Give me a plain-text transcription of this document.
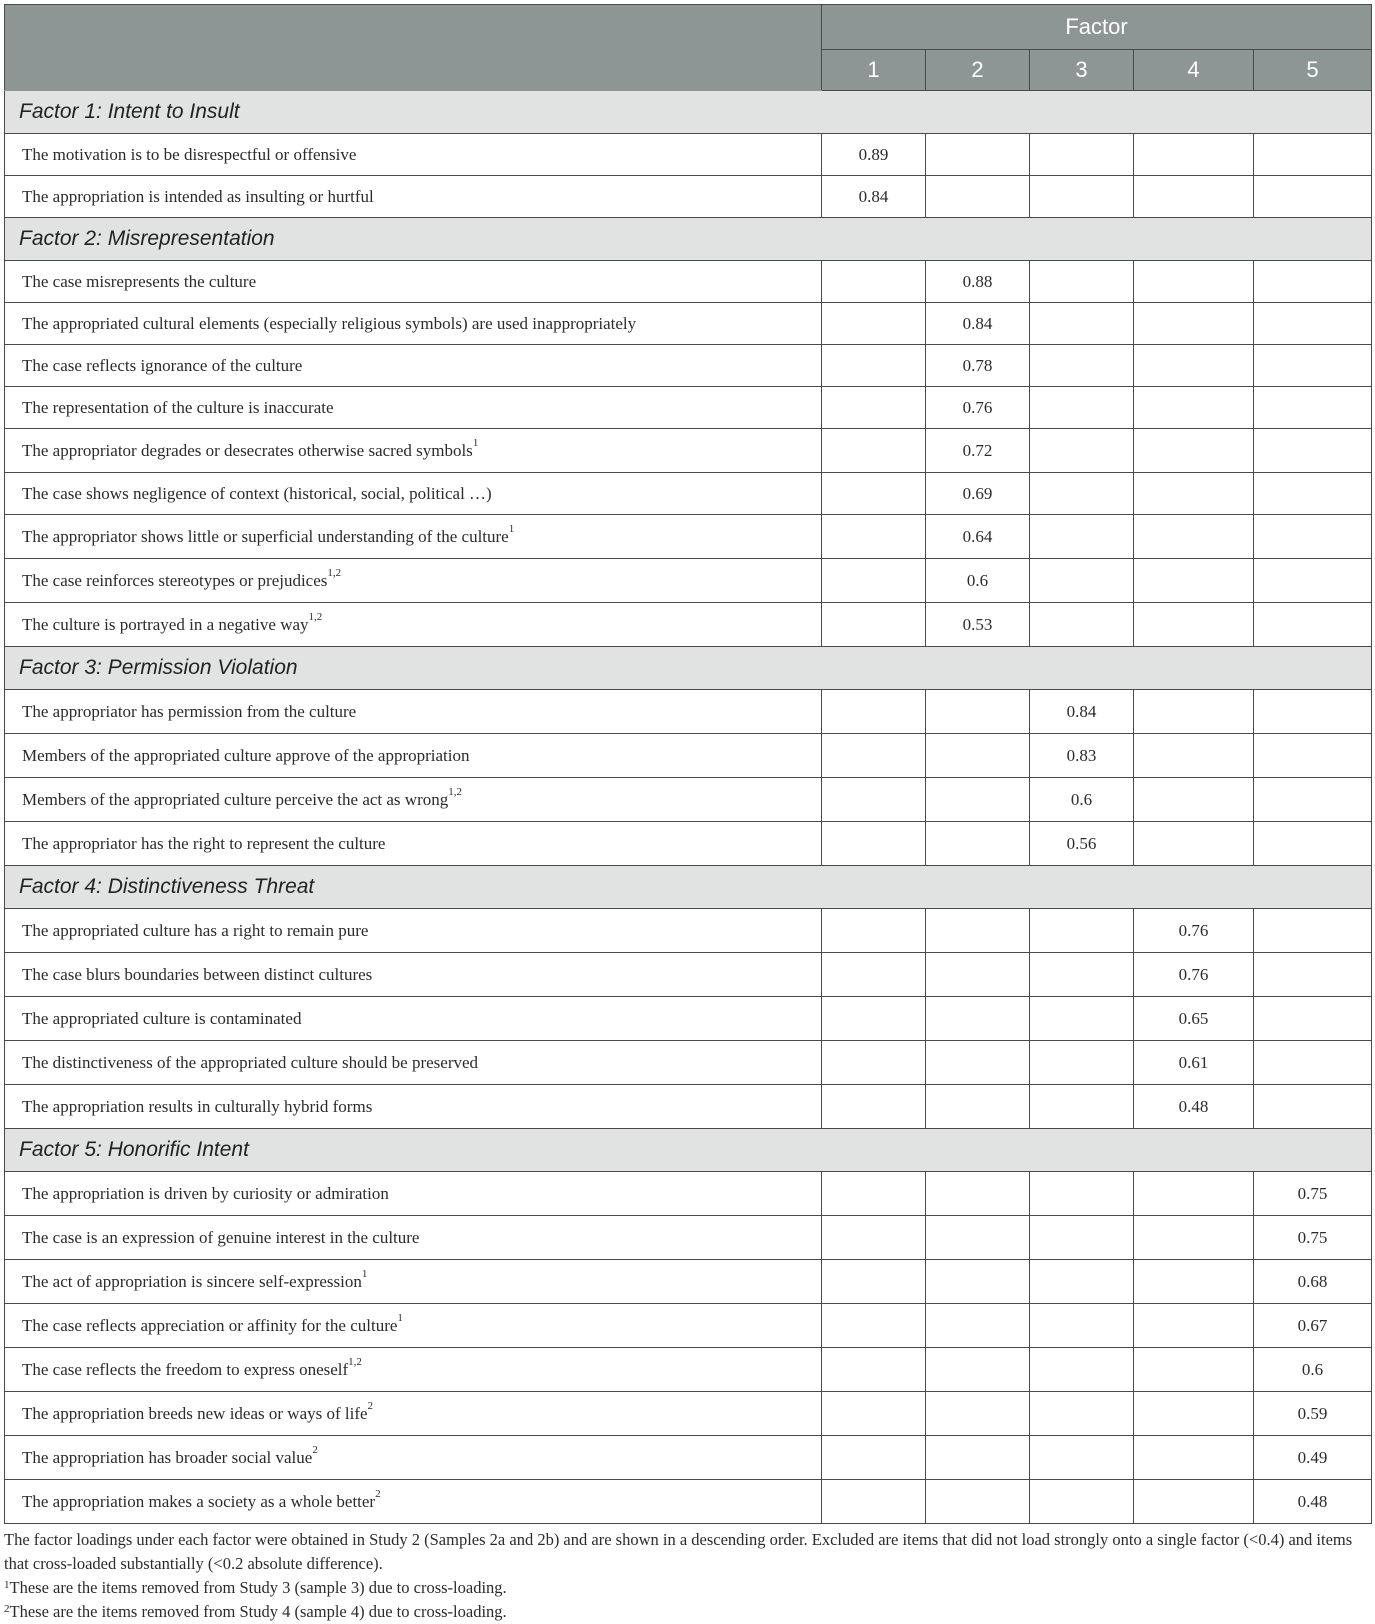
	Factor				
	1	2	3	4	5
Factor 1: Intent to Insult					
The motivation is to be disrespectful or offensive	0.89				
The appropriation is intended as insulting or hurtful	0.84				
Factor 2: Misrepresentation					
The case misrepresents the culture		0.88			
The appropriated cultural elements (especially religious symbols) are used inappropriately		0.84			
The case reflects ignorance of the culture		0.78			
The representation of the culture is inaccurate		0.76			
The appropriator degrades or desecrates otherwise sacred symbols$^1$		0.72			
The case shows negligence of context (historical, social, political …)		0.69			
The appropriator shows little or superficial understanding of the culture$^1$		0.64			
The case reinforces stereotypes or prejudices$^{1,2}$		0.6			
The culture is portrayed in a negative way$^{1,2}$		0.53			
Factor 3: Permission Violation					
The appropriator has permission from the culture			0.84		
Members of the appropriated culture approve of the appropriation			0.83		
Members of the appropriated culture perceive the act as wrong$^{1,2}$			0.6		
The appropriator has the right to represent the culture			0.56		
Factor 4: Distinctiveness Threat					
The appropriated culture has a right to remain pure				0.76	
The case blurs boundaries between distinct cultures				0.76	
The appropriated culture is contaminated				0.65	
The distinctiveness of the appropriated culture should be preserved				0.61	
The appropriation results in culturally hybrid forms				0.48	
Factor 5: Honorific Intent					
The appropriation is driven by curiosity or admiration					0.75
The case is an expression of genuine interest in the culture					0.75
The act of appropriation is sincere self-expression$^1$					0.68
The case reflects appreciation or affinity for the culture$^1$					0.67
The case reflects the freedom to express oneself$^{1,2}$					0.6
The appropriation breeds new ideas or ways of life$^2$					0.59
The appropriation has broader social value$^2$					0.49
The appropriation makes a society as a whole better$^2$					0.48

The factor loadings under each factor were obtained in Study 2 (Samples 2a and 2b) and are shown in a descending order. Excluded are items that did not load strongly onto a single factor (<0.4) and items that cross-loaded substantially (<0.2 absolute difference).

$^1$These are the items removed from Study 3 (sample 3) due to cross-loading.

$^2$These are the items removed from Study 4 (sample 4) due to cross-loading.
